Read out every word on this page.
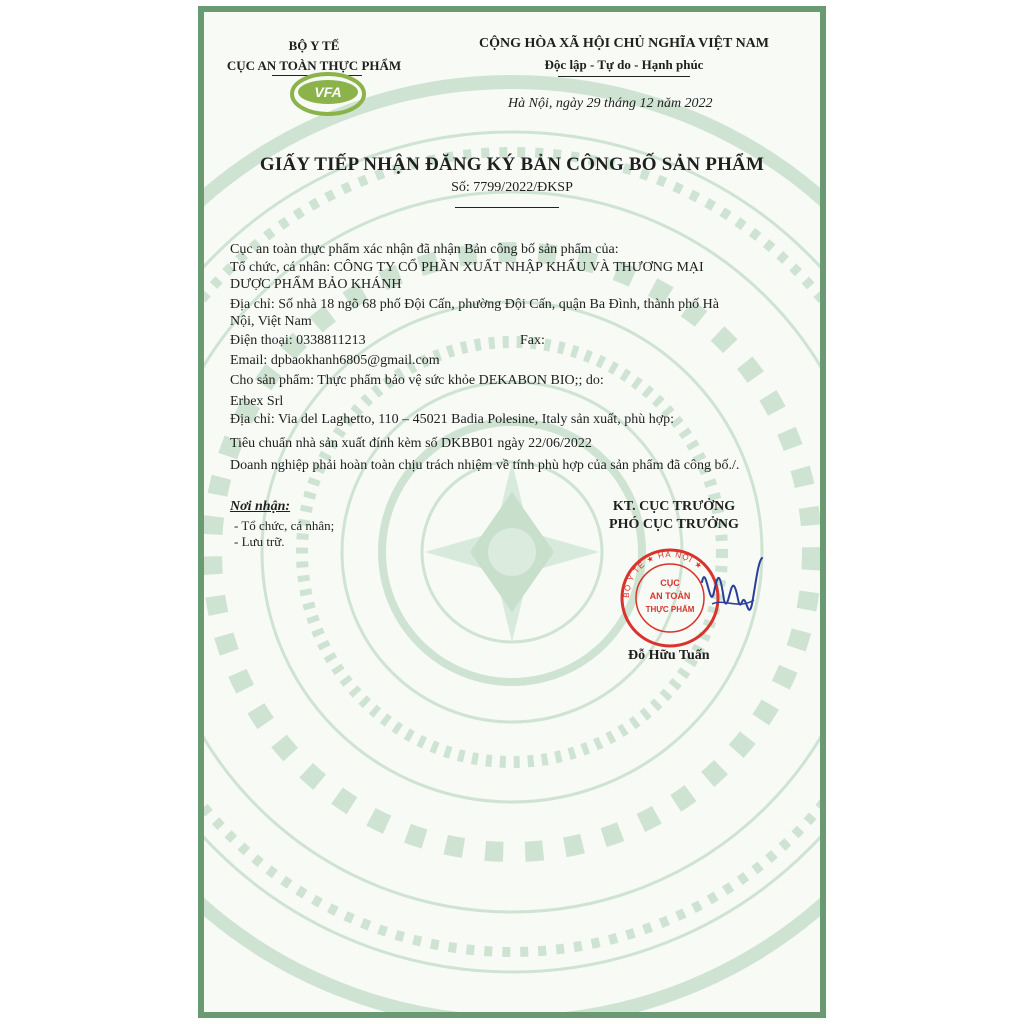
BỘ Y TẾ
CỤC AN TOÀN THỰC PHẨM
VFA
CỘNG HÒA XÃ HỘI CHỦ NGHĨA VIỆT NAM
Độc lập - Tự do - Hạnh phúc
Hà Nội, ngày 29 tháng 12 năm 2022
GIẤY TIẾP NHẬN ĐĂNG KÝ BẢN CÔNG BỐ SẢN PHẨM
Số: 7799/2022/ĐKSP
Cục an toàn thực phẩm xác nhận đã nhận Bản công bố sản phẩm của:
Tổ chức, cá nhân: CÔNG TY CỔ PHẦN XUẤT NHẬP KHẨU VÀ THƯƠNG MẠI
DƯỢC PHẨM BẢO KHÁNH
Địa chỉ: Số nhà 18 ngõ 68 phố Đội Cấn, phường Đội Cấn, quận Ba Đình, thành phố Hà
Nội, Việt Nam
Điện thoại: 0338811213	Fax:
Email: dpbaokhanh6805@gmail.com
Cho sản phẩm: Thực phẩm bảo vệ sức khỏe DEKABON BIO;; do:
Erbex Srl
Địa chỉ: Via del Laghetto, 110 – 45021 Badia Polesine, Italy sản xuất, phù hợp:
Tiêu chuẩn nhà sản xuất đính kèm số DKBB01 ngày 22/06/2022
Doanh nghiệp phải hoàn toàn chịu trách nhiệm về tính phù hợp của sản phẩm đã công bố./.
Nơi nhận:
- Tổ chức, cá nhân;
- Lưu trữ.
KT. CỤC TRƯỞNG
PHÓ CỤC TRƯỞNG
BỘ Y TẾ ★ HÀ NỘI ★
CỤC
AN TOÀN
THỰC PHẨM
Đỗ Hữu Tuấn
